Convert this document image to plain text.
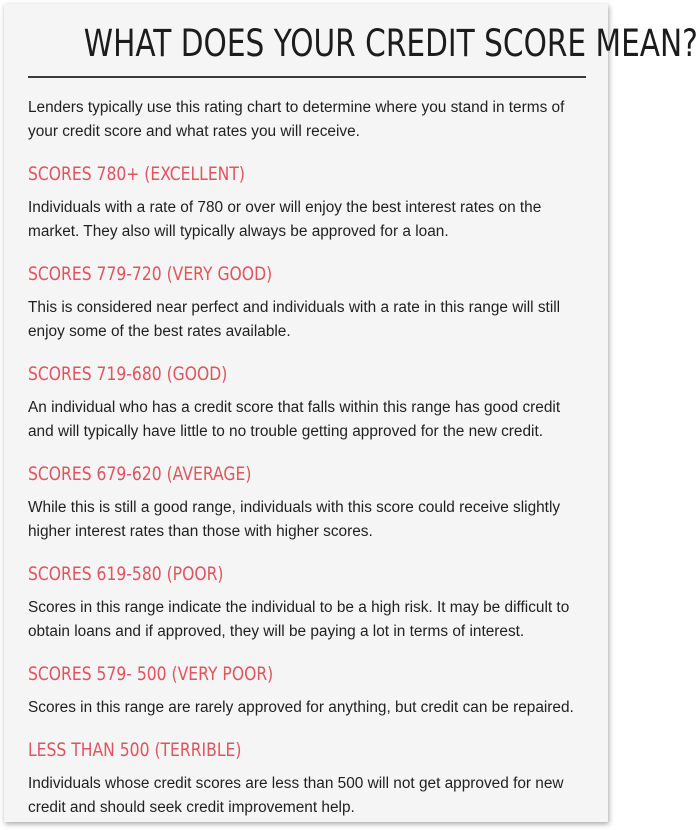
WHAT DOES YOUR CREDIT SCORE MEAN?

Lenders typically use this rating chart to determine where you stand in terms of your credit score and what rates you will receive.

SCORES 780+ (EXCELLENT)

Individuals with a rate of 780 or over will enjoy the best interest rates on the market. They also will typically always be approved for a loan.

SCORES 779-720 (VERY GOOD)

This is considered near perfect and individuals with a rate in this range will still enjoy some of the best rates available.

SCORES 719-680 (GOOD)

An individual who has a credit score that falls within this range has good credit and will typically have little to no trouble getting approved for the new credit.

SCORES 679-620 (AVERAGE)

While this is still a good range, individuals with this score could receive slightly higher interest rates than those with higher scores.

SCORES 619-580 (POOR)

Scores in this range indicate the individual to be a high risk. It may be difficult to obtain loans and if approved, they will be paying a lot in terms of interest.

SCORES 579- 500 (VERY POOR)

Scores in this range are rarely approved for anything, but credit can be repaired.

LESS THAN 500 (TERRIBLE)

Individuals whose credit scores are less than 500 will not get approved for new credit and should seek credit improvement help.
